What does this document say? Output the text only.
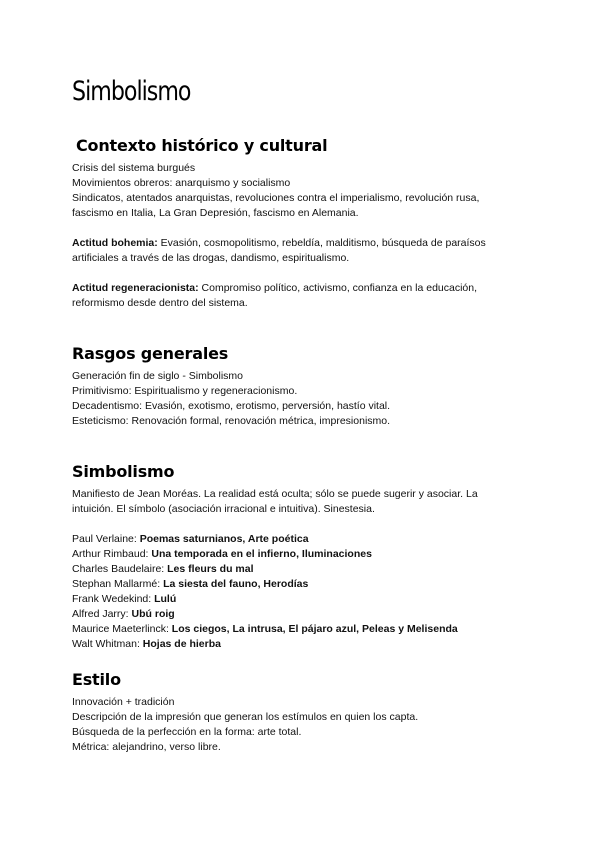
Simbolismo
Contexto histórico y cultural
Crisis del sistema burgués
Movimientos obreros: anarquismo y socialismo
Sindicatos, atentados anarquistas, revoluciones contra el imperialismo, revolución rusa,
fascismo en Italia, La Gran Depresión, fascismo en Alemania.
Actitud bohemia: Evasión, cosmopolitismo, rebeldía, malditismo, búsqueda de paraísos
artificiales a través de las drogas, dandismo, espiritualismo.
Actitud regeneracionista: Compromiso político, activismo, confianza en la educación,
reformismo desde dentro del sistema.
Rasgos generales
Generación fin de siglo - Simbolismo
Primitivismo: Espiritualismo y regeneracionismo.
Decadentismo: Evasión, exotismo, erotismo, perversión, hastío vital.
Esteticismo: Renovación formal, renovación métrica, impresionismo.
Simbolismo
Manifiesto de Jean Moréas. La realidad está oculta; sólo se puede sugerir y asociar. La
intuición. El símbolo (asociación irracional e intuitiva). Sinestesia.
Paul Verlaine: Poemas saturnianos, Arte poética
Arthur Rimbaud: Una temporada en el infierno, Iluminaciones
Charles Baudelaire: Les fleurs du mal
Stephan Mallarmé: La siesta del fauno, Herodías
Frank Wedekind: Lulú
Alfred Jarry: Ubú roig
Maurice Maeterlinck: Los ciegos, La intrusa, El pájaro azul, Peleas y Melisenda
Walt Whitman: Hojas de hierba
Estilo
Innovación + tradición
Descripción de la impresión que generan los estímulos en quien los capta.
Búsqueda de la perfección en la forma: arte total.
Métrica: alejandrino, verso libre.
